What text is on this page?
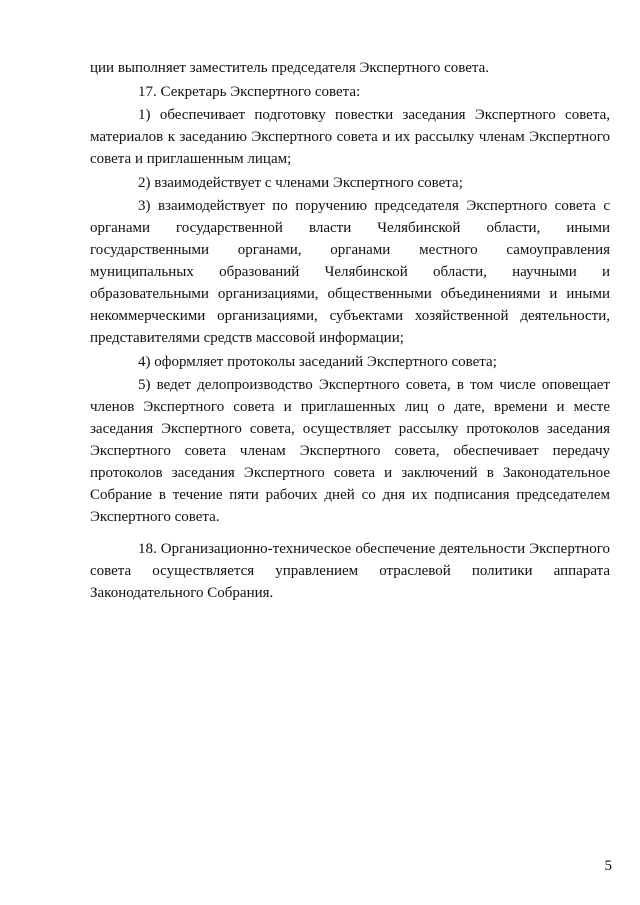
ции выполняет заместитель председателя Экспертного совета.

17. Секретарь Экспертного совета:

1) обеспечивает подготовку повестки заседания Экспертного совета, материалов к заседанию Экспертного совета и их рассылку членам Экспертного совета и приглашенным лицам;

2) взаимодействует с членами Экспертного совета;

3) взаимодействует по поручению председателя Экспертного совета с органами государственной власти Челябинской области, иными государственными органами, органами местного самоуправления муниципальных образований Челябинской области, научными и образовательными организациями, общественными объединениями и иными некоммерческими организациями, субъектами хозяйственной деятельности, представителями средств массовой информации;

4) оформляет протоколы заседаний Экспертного совета;

5) ведет делопроизводство Экспертного совета, в том числе оповещает членов Экспертного совета и приглашенных лиц о дате, времени и месте заседания Экспертного совета, осуществляет рассылку протоколов заседания Экспертного совета членам Экспертного совета, обеспечивает передачу протоколов заседания Экспертного совета и заключений в Законодательное Собрание в течение пяти рабочих дней со дня их подписания председателем Экспертного совета.

18. Организационно-техническое обеспечение деятельности Экспертного совета осуществляется управлением отраслевой политики аппарата Законодательного Собрания.

5
